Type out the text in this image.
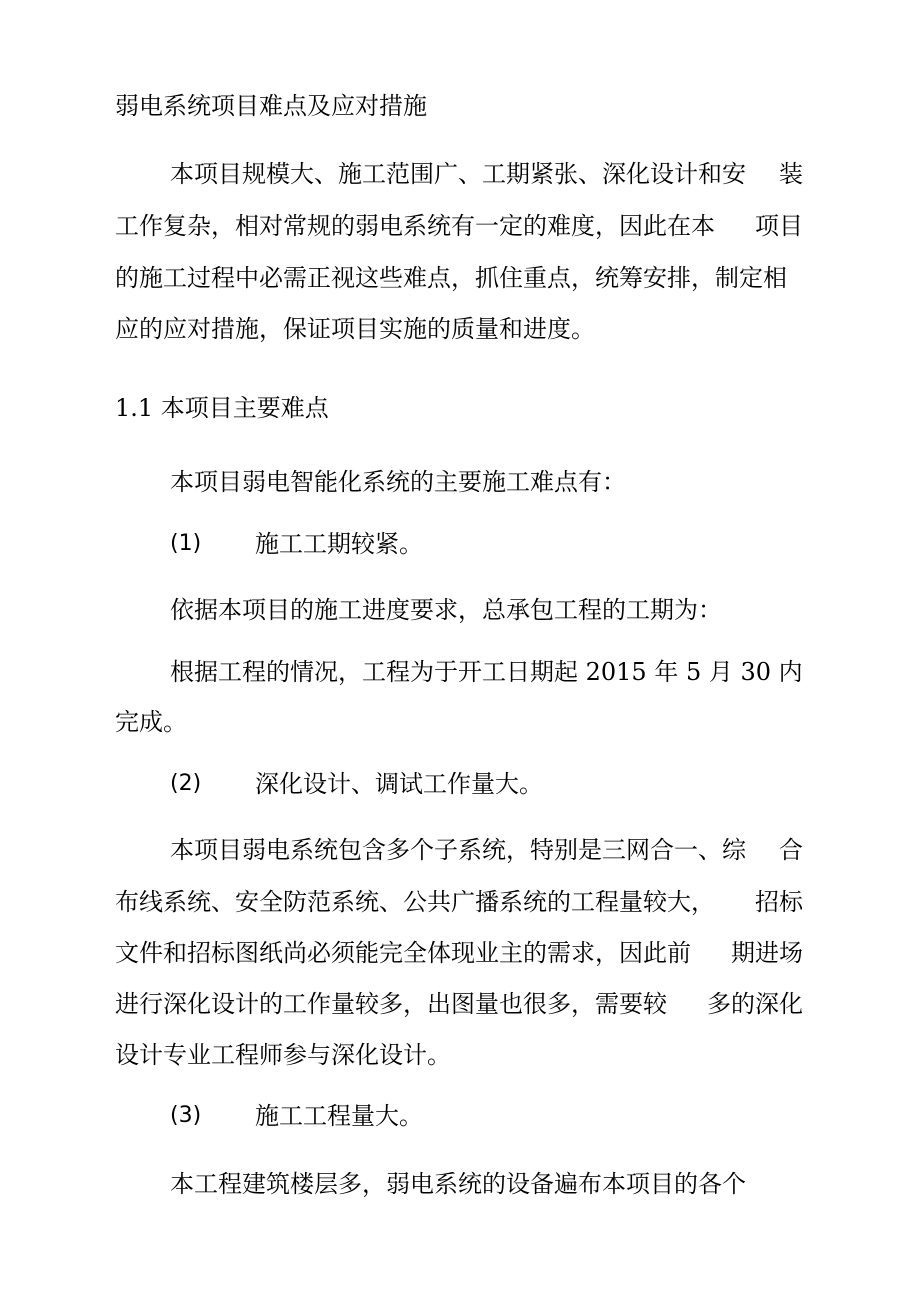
弱电系统项目难点及应对措施
本项目规模大、施工范围广、工期紧张、深化设计和安 装
工作复杂，相对常规的弱电系统有一定的难度，因此在本 项目
的施工过程中必需正视这些难点，抓住重点，统筹安排，制定相
应的应对措施，保证项目实施的质量和进度。
1.1 本项目主要难点
本项目弱电智能化系统的主要施工难点有：
(1) 施工工期较紧。
依据本项目的施工进度要求，总承包工程的工期为：
根据工程的情况，工程为于开工日期起 2015 年 5 月 30 内
完成。
(2) 深化设计、调试工作量大。
本项目弱电系统包含多个子系统，特别是三网合一、综 合
布线系统、安全防范系统、公共广播系统的工程量较大， 招标
文件和招标图纸尚必须能完全体现业主的需求，因此前 期进场
进行深化设计的工作量较多，出图量也很多，需要较 多的深化
设计专业工程师参与深化设计。
(3) 施工工程量大。
本工程建筑楼层多，弱电系统的设备遍布本项目的各个
